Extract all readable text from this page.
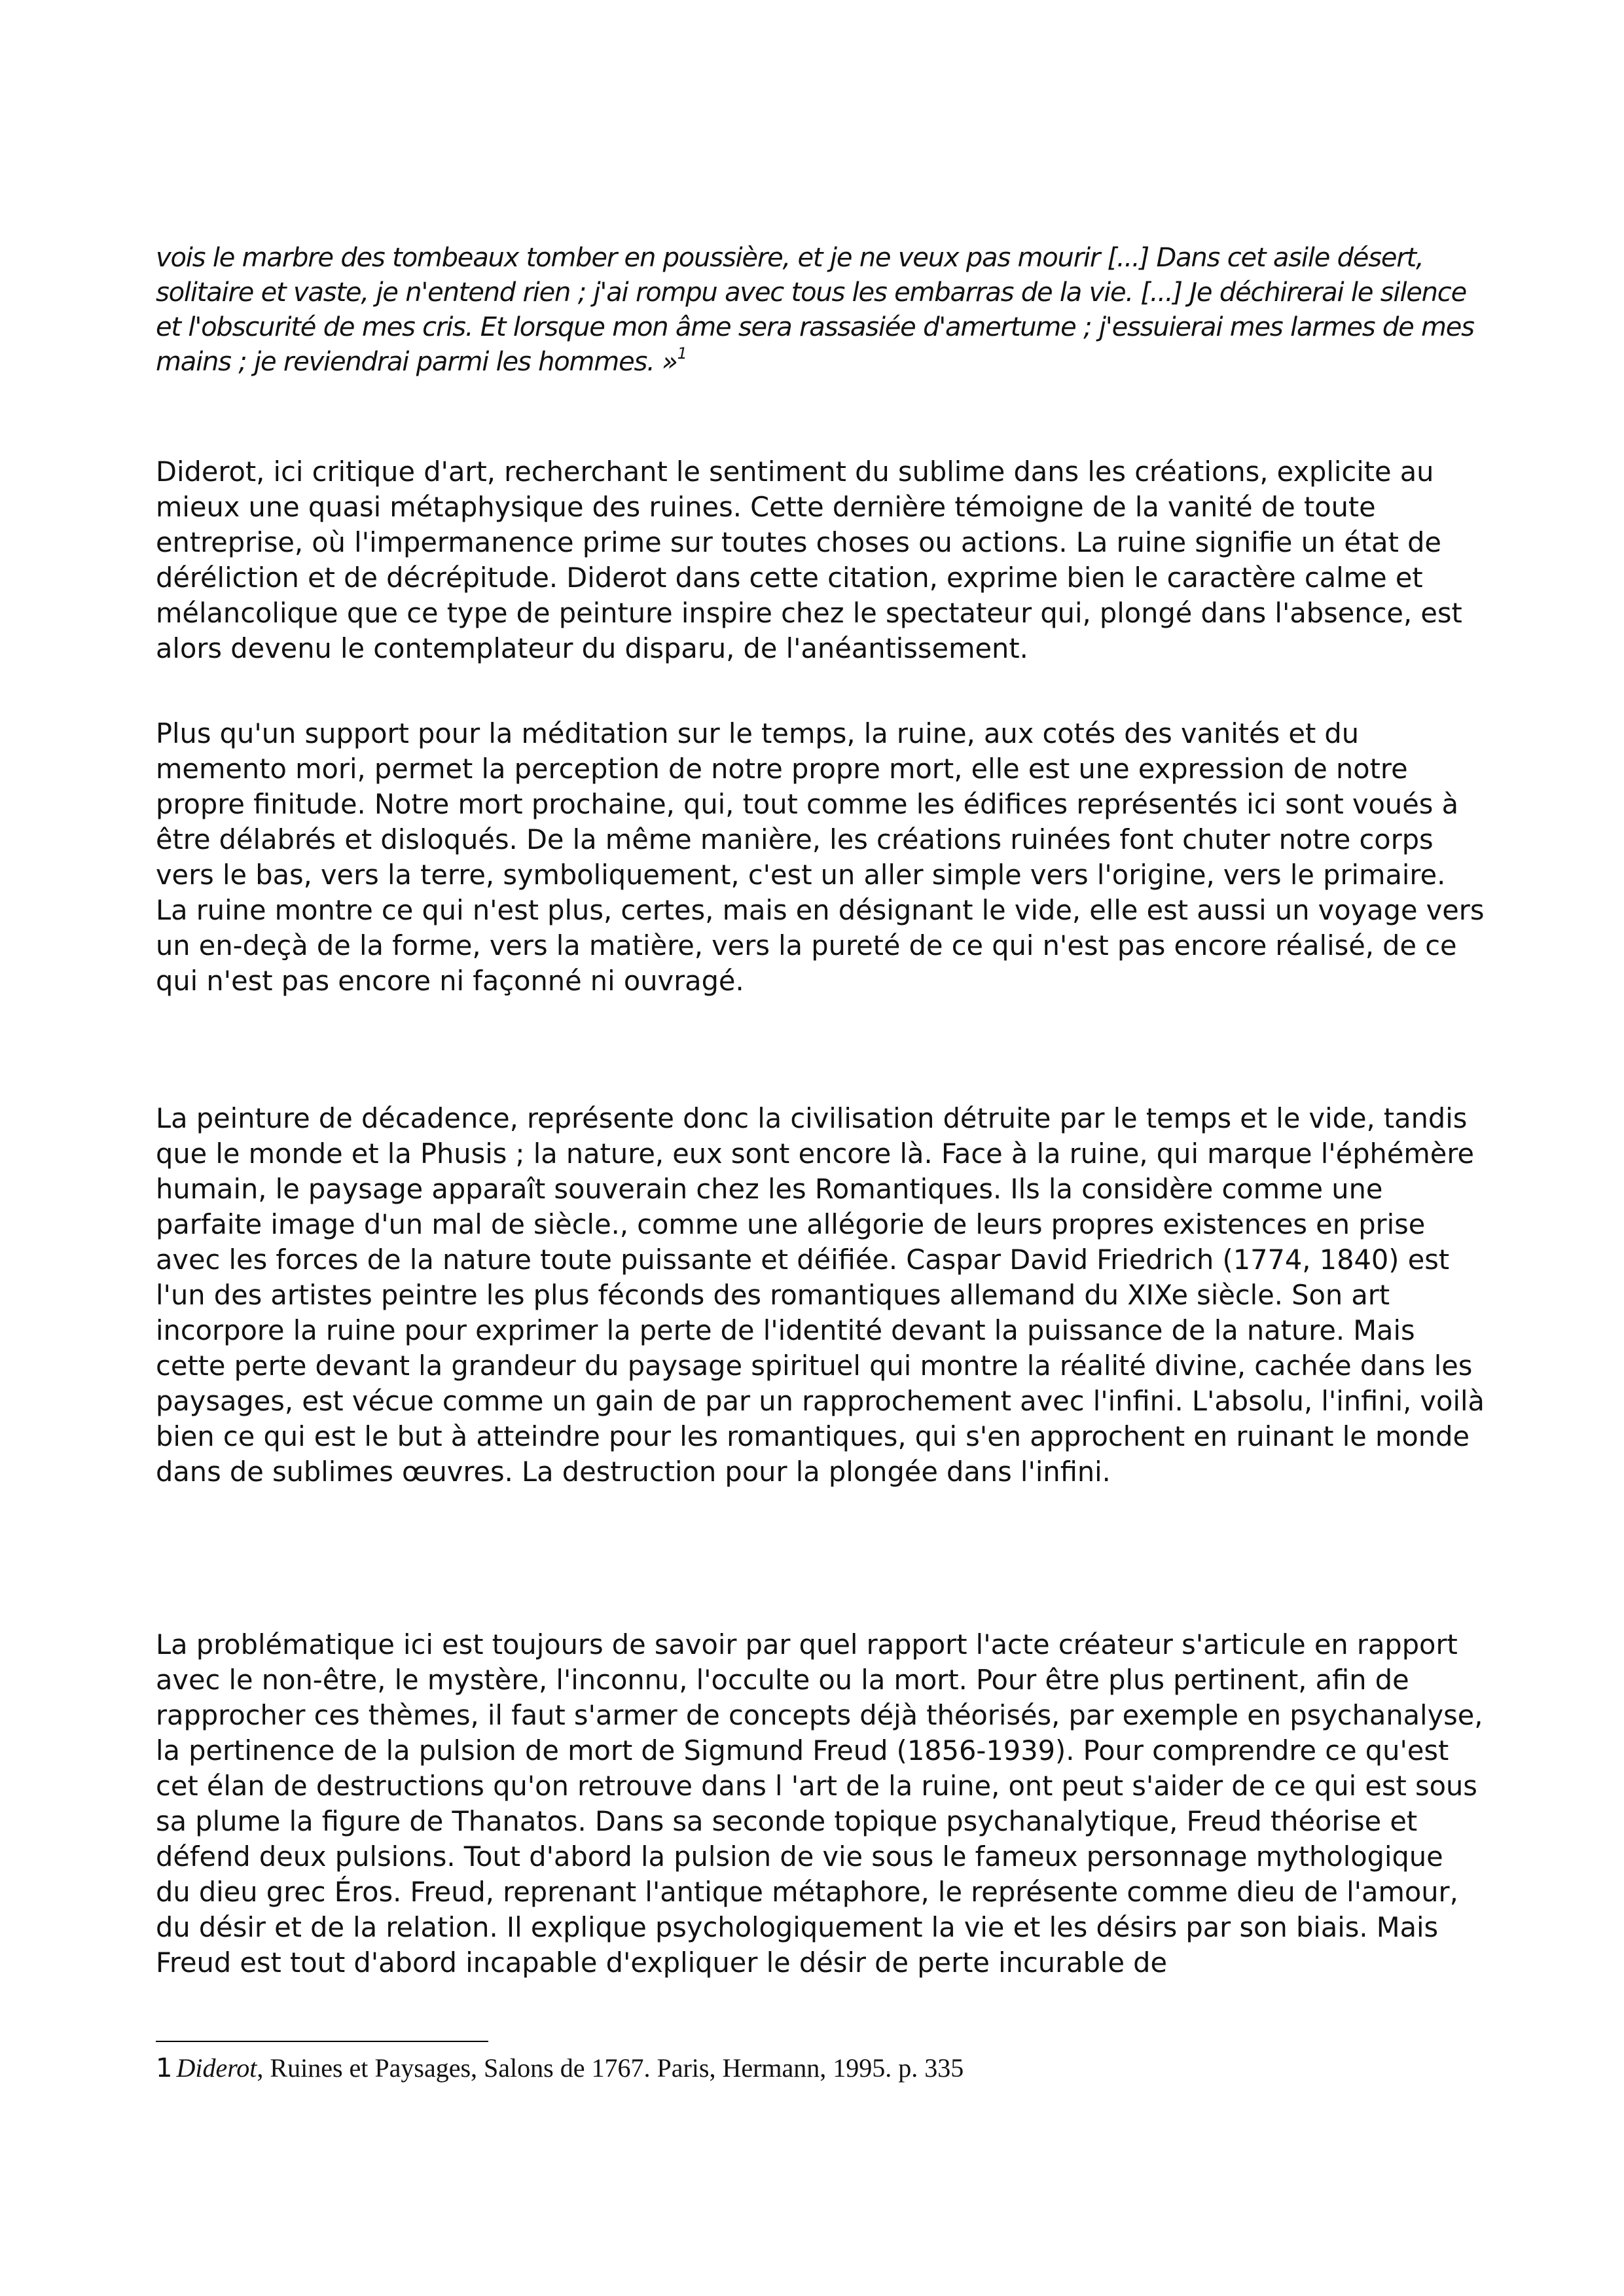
vois le marbre des tombeaux tomber en poussière, et je ne veux pas mourir [...] Dans cet asile désert, solitaire et vaste, je n'entend rien ; j'ai rompu avec tous les embarras de la vie. [...] Je déchirerai le silence et l'obscurité de mes cris. Et lorsque mon âme sera rassasiée d'amertume ; j'essuierai mes larmes de mes mains ; je reviendrai parmi les hommes. »$^1$

Diderot, ici critique d'art, recherchant le sentiment du sublime dans les créations, explicite au mieux une quasi métaphysique des ruines. Cette dernière témoigne de la vanité de toute entreprise, où l'impermanence prime sur toutes choses ou actions. La ruine signifie un état de déréliction et de décrépitude. Diderot dans cette citation, exprime bien le caractère calme et mélancolique que ce type de peinture inspire chez le spectateur qui, plongé dans l'absence, est alors devenu le contemplateur du disparu, de l'anéantissement.

Plus qu'un support pour la méditation sur le temps, la ruine, aux cotés des vanités et du memento mori, permet la perception de notre propre mort, elle est une expression de notre propre finitude. Notre mort prochaine, qui, tout comme les édifices représentés ici sont voués à être délabrés et disloqués. De la même manière, les créations ruinées font chuter notre corps vers le bas, vers la terre, symboliquement, c'est un aller simple vers l'origine, vers le primaire. La ruine montre ce qui n'est plus, certes, mais en désignant le vide, elle est aussi un voyage vers un en-deçà de la forme, vers la matière, vers la pureté de ce qui n'est pas encore réalisé, de ce qui n'est pas encore ni façonné ni ouvragé.

La peinture de décadence, représente donc la civilisation détruite par le temps et le vide, tandis que le monde et la Phusis ; la nature, eux sont encore là. Face à la ruine, qui marque l'éphémère humain, le paysage apparaît souverain chez les Romantiques. Ils la considère comme une parfaite image d'un mal de siècle., comme une allégorie de leurs propres existences en prise avec les forces de la nature toute puissante et déifiée. Caspar David Friedrich (1774, 1840) est l'un des artistes peintre les plus féconds des romantiques allemand du XIXe siècle. Son art incorpore la ruine pour exprimer la perte de l'identité devant la puissance de la nature. Mais cette perte devant la grandeur du paysage spirituel qui montre la réalité divine, cachée dans les paysages, est vécue comme un gain de par un rapprochement avec l'infini. L'absolu, l'infini, voilà bien ce qui est le but à atteindre pour les romantiques, qui s'en approchent en ruinant le monde dans de sublimes œuvres. La destruction pour la plongée dans l'infini.

La problématique ici est toujours de savoir par quel rapport l'acte créateur s'articule en rapport avec le non-être, le mystère, l'inconnu, l'occulte ou la mort. Pour être plus pertinent, afin de rapprocher ces thèmes, il faut s'armer de concepts déjà théorisés, par exemple en psychanalyse, la pertinence de la pulsion de mort de Sigmund Freud (1856-1939). Pour comprendre ce qu'est cet élan de destructions qu'on retrouve dans l 'art de la ruine, ont peut s'aider de ce qui est sous sa plume la figure de Thanatos. Dans sa seconde topique psychanalytique, Freud théorise et défend deux pulsions. Tout d'abord la pulsion de vie sous le fameux personnage mythologique du dieu grec Éros. Freud, reprenant l'antique métaphore, le représente comme dieu de l'amour, du désir et de la relation. Il explique psychologiquement la vie et les désirs par son biais. Mais Freud est tout d'abord incapable d'expliquer le désir de perte incurable de

1 Diderot, Ruines et Paysages, Salons de 1767. Paris, Hermann, 1995. p. 335
